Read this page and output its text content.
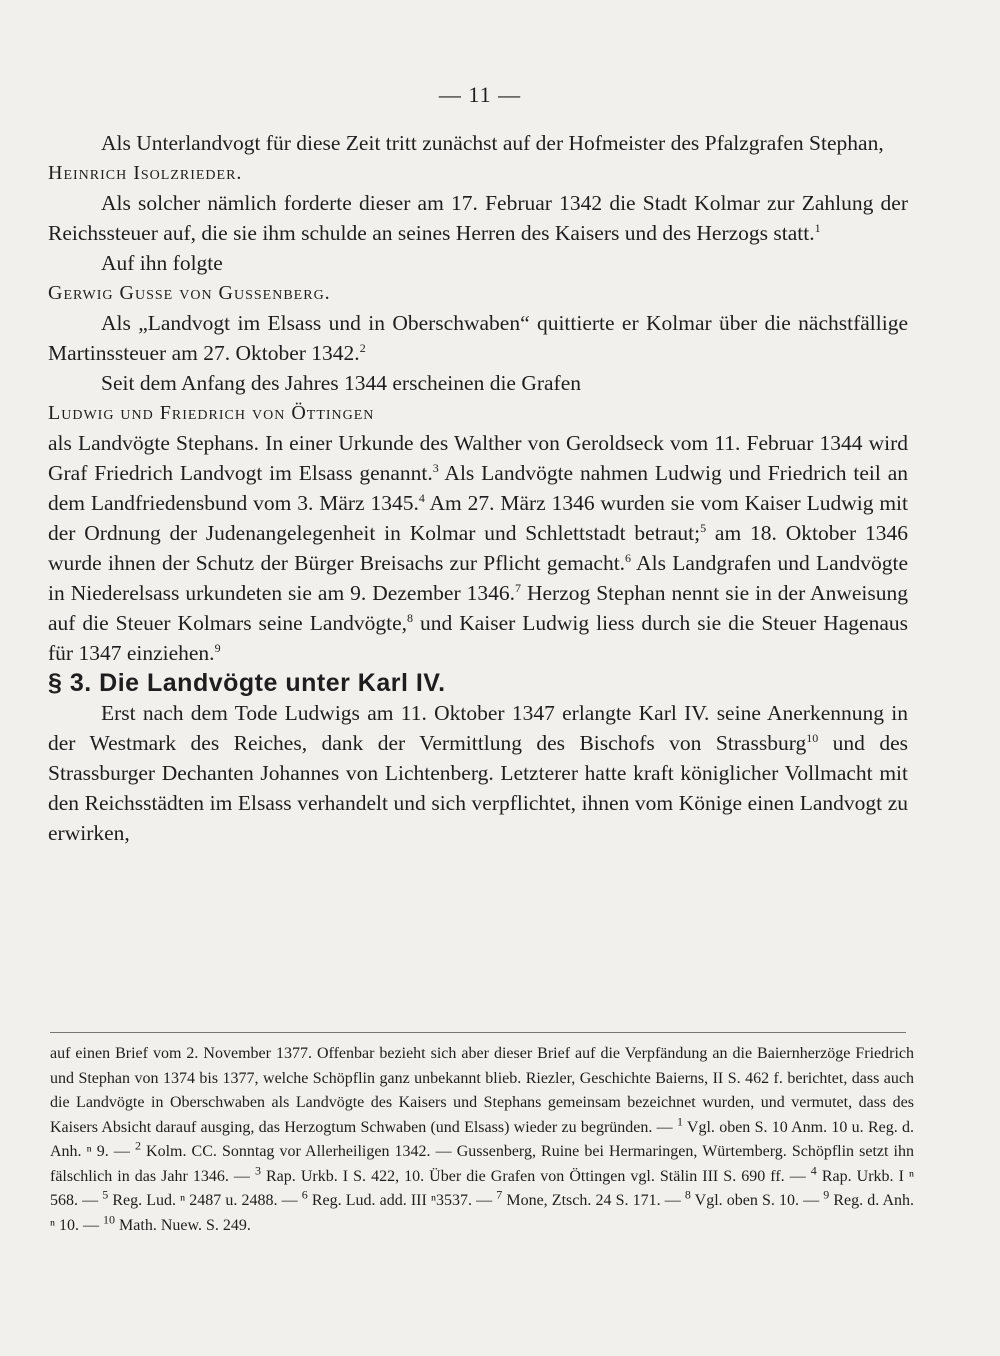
— 11 —

Als Unterlandvogt für diese Zeit tritt zunächst auf der Hofmeister des Pfalzgrafen Stephan,

Heinrich Isolzrieder.

Als solcher nämlich forderte dieser am 17. Februar 1342 die Stadt Kolmar zur Zahlung der Reichssteuer auf, die sie ihm schulde an seines Herren des Kaisers und des Herzogs statt.$^1$

Auf ihn folgte

Gerwig Gusse von Gussenberg.

Als „Landvogt im Elsass und in Oberschwaben“ quittierte er Kolmar über die nächstfällige Martinssteuer am 27. Oktober 1342.$^2$

Seit dem Anfang des Jahres 1344 erscheinen die Grafen

Ludwig und Friedrich von Öttingen

als Landvögte Stephans. In einer Urkunde des Walther von Geroldseck vom 11. Februar 1344 wird Graf Friedrich Landvogt im Elsass genannt.$^3$ Als Landvögte nahmen Ludwig und Friedrich teil an dem Landfriedensbund vom 3. März 1345.$^4$ Am 27. März 1346 wurden sie vom Kaiser Ludwig mit der Ordnung der Judenangelegenheit in Kolmar und Schlettstadt betraut;$^5$ am 18. Oktober 1346 wurde ihnen der Schutz der Bürger Breisachs zur Pflicht gemacht.$^6$ Als Landgrafen und Landvögte in Niederelsass urkundeten sie am 9. Dezember 1346.$^7$ Herzog Stephan nennt sie in der Anweisung auf die Steuer Kolmars seine Landvögte,$^8$ und Kaiser Ludwig liess durch sie die Steuer Hagenaus für 1347 einziehen.$^9$

§ 3. Die Landvögte unter Karl IV.

Erst nach dem Tode Ludwigs am 11. Oktober 1347 erlangte Karl IV. seine Anerkennung in der Westmark des Reiches, dank der Vermittlung des Bischofs von Strassburg$^{10}$ und des Strassburger Dechanten Johannes von Lichtenberg. Letzterer hatte kraft königlicher Vollmacht mit den Reichsstädten im Elsass verhandelt und sich verpflichtet, ihnen vom Könige einen Landvogt zu erwirken,

auf einen Brief vom 2. November 1377. Offenbar bezieht sich aber dieser Brief auf die Verpfändung an die Baiernherzöge Friedrich und Stephan von 1374 bis 1377, welche Schöpflin ganz unbekannt blieb. Riezler, Geschichte Baierns, II S. 462 f. berichtet, dass auch die Landvögte in Oberschwaben als Landvögte des Kaisers und Stephans gemeinsam bezeichnet wurden, und vermutet, dass des Kaisers Absicht darauf ausging, das Herzogtum Schwaben (und Elsass) wieder zu begründen. — $^1$ Vgl. oben S. 10 Anm. 10 u. Reg. d. Anh. ⁿ 9. — $^2$ Kolm. CC. Sonntag vor Allerheiligen 1342. — Gussenberg, Ruine bei Hermaringen, Würtemberg. Schöpflin setzt ihn fälschlich in das Jahr 1346. — $^3$ Rap. Urkb. I S. 422, 10. Über die Grafen von Öttingen vgl. Stälin III S. 690 ff. — $^4$ Rap. Urkb. I ⁿ 568. — $^5$ Reg. Lud. ⁿ 2487 u. 2488. — $^6$ Reg. Lud. add. III ⁿ3537. — $^7$ Mone, Ztsch. 24 S. 171. — $^8$ Vgl. oben S. 10. — $^9$ Reg. d. Anh. ⁿ 10. — $^{10}$ Math. Nuew. S. 249.
